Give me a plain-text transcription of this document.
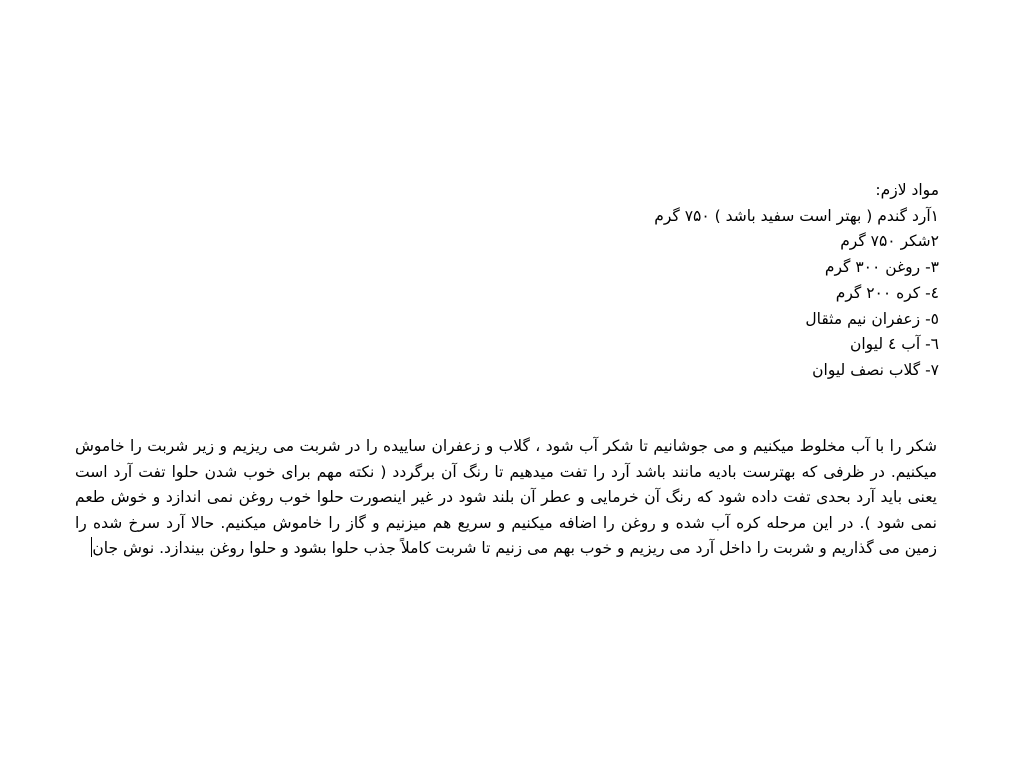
مواد لازم:
۱آرد گندم ( بهتر است سفید باشد ) ۷۵۰ گرم
۲شکر ۷۵۰ گرم
۳- روغن ۳۰۰ گرم
٤- کره ۲۰۰ گرم
٥- زعفران نیم مثقال
٦- آب ٤ لیوان
۷- گلاب نصف لیوان
شکر را با آب مخلوط میکنیم و می جوشانیم تا شکر آب شود ، گلاب و زعفران ساییده را در شربت می ریزیم و زیر شربت را خاموش میکنیم. در ظرفی که بهترست بادیه مانند باشد آرد را تفت میدهیم تا رنگ آن برگردد ( نکته مهم برای خوب شدن حلوا تفت آرد است یعنی باید آرد بحدی تفت داده شود که رنگ آن خرمایی و عطر آن بلند شود در غیر اینصورت حلوا خوب روغن نمی اندازد و خوش طعم نمی شود ). در این مرحله کره آب شده و روغن را اضافه میکنیم و سریع هم میزنیم و گاز را خاموش میکنیم. حالا آرد سرخ شده را زمین می گذاریم و شربت را داخل آرد می ریزیم و خوب بهم می زنیم تا شربت کاملاً جذب حلوا بشود و حلوا روغن بیندازد. نوش جان
